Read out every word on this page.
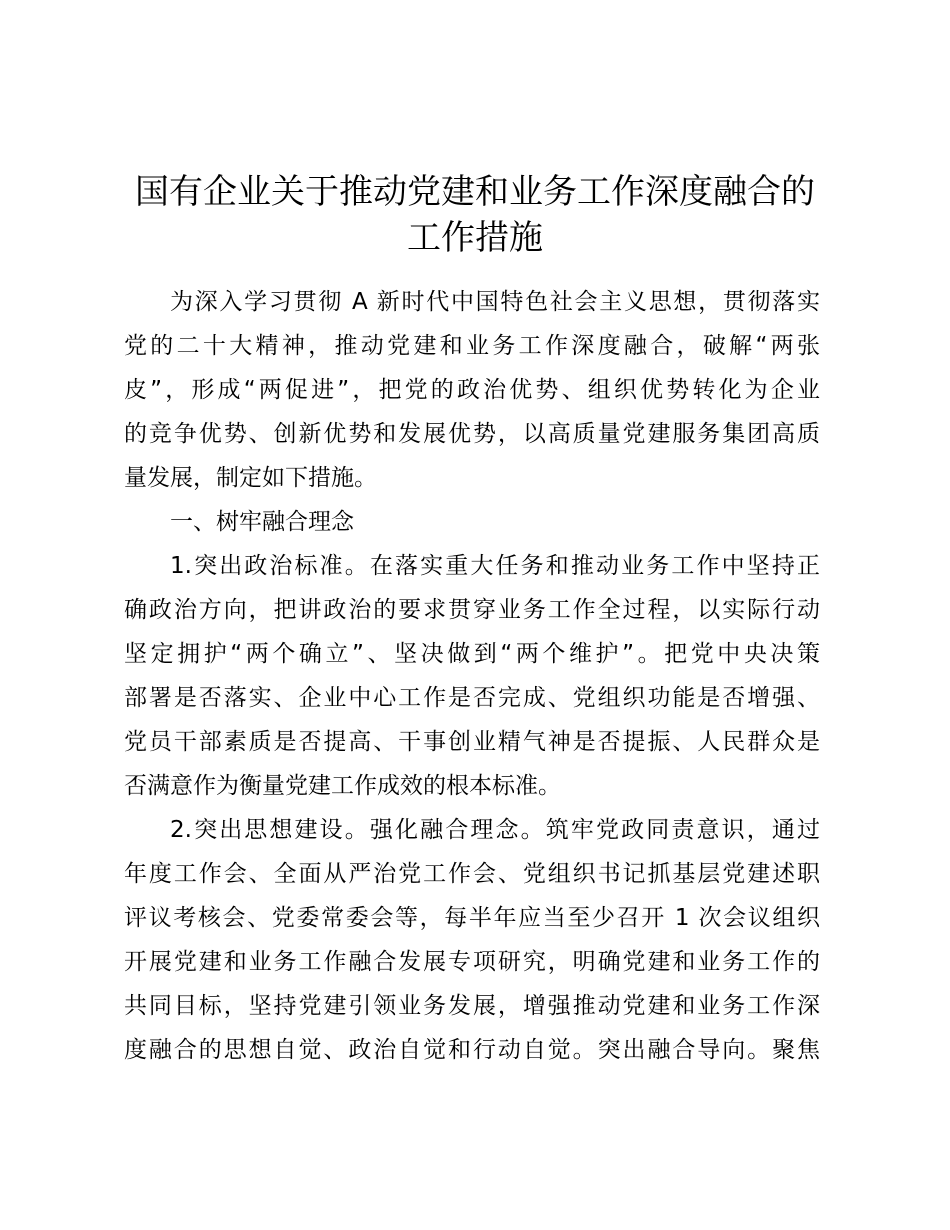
国有企业关于推动党建和业务工作深度融合的
工作措施
为深入学习贯彻 A 新时代中国特色社会主义思想，贯彻落实
党的二十大精神，推动党建和业务工作深度融合，破解“两张
皮”，形成“两促进”，把党的政治优势、组织优势转化为企业
的竞争优势、创新优势和发展优势，以高质量党建服务集团高质
量发展，制定如下措施。
一、树牢融合理念
1.突出政治标准。在落实重大任务和推动业务工作中坚持正
确政治方向，把讲政治的要求贯穿业务工作全过程，以实际行动
坚定拥护“两个确立”、坚决做到“两个维护”。把党中央决策
部署是否落实、企业中心工作是否完成、党组织功能是否增强、
党员干部素质是否提高、干事创业精气神是否提振、人民群众是
否满意作为衡量党建工作成效的根本标准。
2.突出思想建设。强化融合理念。筑牢党政同责意识，通过
年度工作会、全面从严治党工作会、党组织书记抓基层党建述职
评议考核会、党委常委会等，每半年应当至少召开 1 次会议组织
开展党建和业务工作融合发展专项研究，明确党建和业务工作的
共同目标，坚持党建引领业务发展，增强推动党建和业务工作深
度融合的思想自觉、政治自觉和行动自觉。突出融合导向。聚焦
